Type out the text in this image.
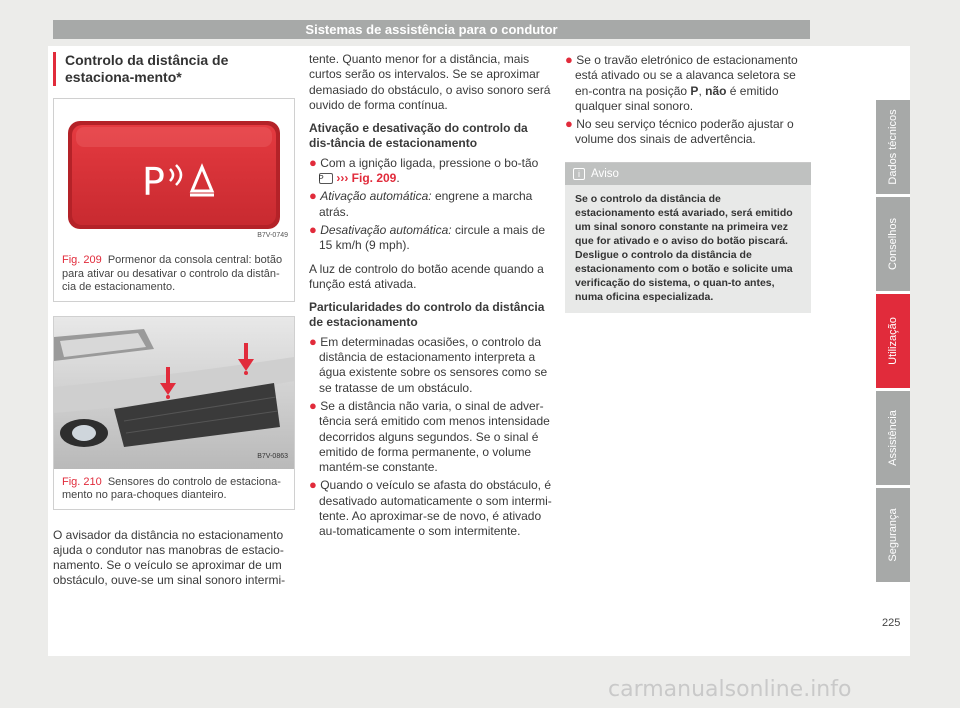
Sistemas de assistência para o condutor
Controlo da distância de estaciona-mento*
P
B7V-0749
Fig. 209 Pormenor da consola central: botão para ativar ou desativar o controlo da distân-cia de estacionamento.
B7V-0863
Fig. 210 Sensores do controlo de estaciona-mento no para-choques dianteiro.

O avisador da distância no estacionamento ajuda o condutor nas manobras de estacio-namento. Se o veículo se aproximar de um obstáculo, ouve-se um sinal sonoro intermi-

tente. Quanto menor for a distância, mais curtos serão os intervalos. Se se aproximar demasiado do obstáculo, o aviso sonoro será ouvido de forma contínua.

Ativação e desativação do controlo da dis-tância de estacionamento
● Com a ignição ligada, pressione o bo-tão P ››› Fig. 209.
● Ativação automática: engrene a marcha atrás.
● Desativação automática: circule a mais de 15 km/h (9 mph).

A luz de controlo do botão acende quando a função está ativada.

Particularidades do controlo da distância de estacionamento
● Em determinadas ocasiões, o controlo da distância de estacionamento interpreta a água existente sobre os sensores como se se tratasse de um obstáculo.
● Se a distância não varia, o sinal de adver-tência será emitido com menos intensidade decorridos alguns segundos. Se o sinal é emitido de forma permanente, o volume mantém-se constante.
● Quando o veículo se afasta do obstáculo, é desativado automaticamente o som intermi-tente. Ao aproximar-se de novo, é ativado au-tomaticamente o som intermitente.
● Se o travão eletrónico de estacionamento está ativado ou se a alavanca seletora se en-contra na posição P, não é emitido qualquer sinal sonoro.
● No seu serviço técnico poderão ajustar o volume dos sinais de advertência.
i Aviso
Se o controlo da distância de estacionamento está avariado, será emitido um sinal sonoro constante na primeira vez que for ativado e o aviso do botão piscará. Desligue o controlo da distância de estacionamento com o botão e solicite uma verificação do sistema, o quan-to antes, numa oficina especializada.
Dados técnicos
Conselhos
Utilização
Assistência
Segurança
225
carmanualsonline.info
